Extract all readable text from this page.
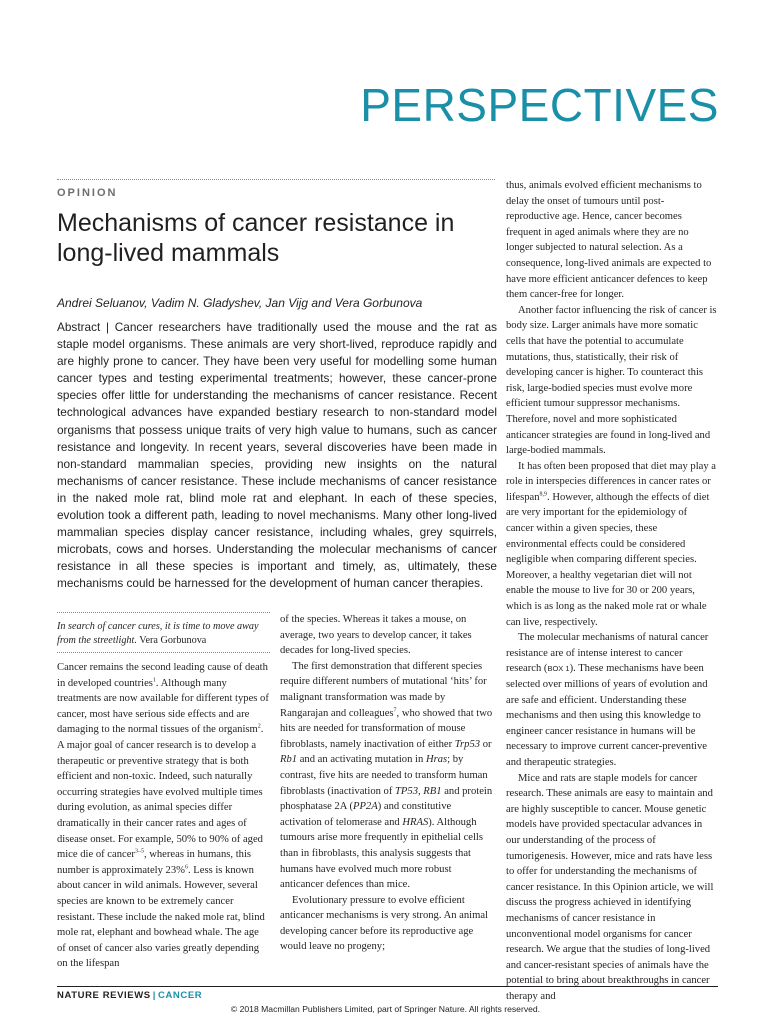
PERSPECTIVES
OPINION
Mechanisms of cancer resistance in long-lived mammals
Andrei Seluanov, Vadim N. Gladyshev, Jan Vijg and Vera Gorbunova

Abstract | Cancer researchers have traditionally used the mouse and the rat as staple model organisms. These animals are very short-lived, reproduce rapidly and are highly prone to cancer. They have been very useful for modelling some human cancer types and testing experimental treatments; however, these cancer-prone species offer little for understanding the mechanisms of cancer resistance. Recent technological advances have expanded bestiary research to non-standard model organisms that possess unique traits of very high value to humans, such as cancer resistance and longevity. In recent years, several discoveries have been made in non-standard mammalian species, providing new insights on the natural mechanisms of cancer resistance. These include mechanisms of cancer resistance in the naked mole rat, blind mole rat and elephant. In each of these species, evolution took a different path, leading to novel mechanisms. Many other long-lived mammalian species display cancer resistance, including whales, grey squirrels, microbats, cows and horses. Understanding the molecular mechanisms of cancer resistance in all these species is important and timely, as, ultimately, these mechanisms could be harnessed for the development of human cancer therapies.

In search of cancer cures, it is time to move away from the streetlight. Vera Gorbunova

Cancer remains the second leading cause of death in developed countries$^1$. Although many treatments are now available for different types of cancer, most have serious side effects and are damaging to the normal tissues of the organism$^2$. A major goal of cancer research is to develop a therapeutic or preventive strategy that is both efficient and non-toxic. Indeed, such naturally occurring strategies have evolved multiple times during evolution, as animal species differ dramatically in their cancer rates and ages of disease onset. For example, 50% to 90% of aged mice die of cancer$^{3-5}$, whereas in humans, this number is approximately 23%$^6$. Less is known about cancer in wild animals. However, several species are known to be extremely cancer resistant. These include the naked mole rat, blind mole rat, elephant and bowhead whale. The age of onset of cancer also varies greatly depending on the lifespan

of the species. Whereas it takes a mouse, on average, two years to develop cancer, it takes decades for long-lived species.

The first demonstration that different species require different numbers of mutational ‘hits’ for malignant transformation was made by Rangarajan and colleagues$^7$, who showed that two hits are needed for transformation of mouse fibroblasts, namely inactivation of either Trp53 or Rb1 and an activating mutation in Hras; by contrast, five hits are needed to transform human fibroblasts (inactivation of TP53, RB1 and protein phosphatase 2A (PP2A) and constitutive activation of telomerase and HRAS). Although tumours arise more frequently in epithelial cells than in fibroblasts, this analysis suggests that humans have evolved much more robust anticancer defences than mice.

Evolutionary pressure to evolve efficient anticancer mechanisms is very strong. An animal developing cancer before its reproductive age would leave no progeny;

thus, animals evolved efficient mechanisms to delay the onset of tumours until post-reproductive age. Hence, cancer becomes frequent in aged animals where they are no longer subjected to natural selection. As a consequence, long-lived animals are expected to have more efficient anticancer defences to keep them cancer-free for longer.

Another factor influencing the risk of cancer is body size. Larger animals have more somatic cells that have the potential to accumulate mutations, thus, statistically, their risk of developing cancer is higher. To counteract this risk, large-bodied species must evolve more efficient tumour suppressor mechanisms. Therefore, novel and more sophisticated anticancer strategies are found in long-lived and large-bodied mammals.

It has often been proposed that diet may play a role in interspecies differences in cancer rates or lifespan$^{8,9}$. However, although the effects of diet are very important for the epidemiology of cancer within a given species, these environmental effects could be considered negligible when comparing different species. Moreover, a healthy vegetarian diet will not enable the mouse to live for 30 or 200 years, which is as long as the naked mole rat or whale can live, respectively.

The molecular mechanisms of natural cancer resistance are of intense interest to cancer research (BOX 1). These mechanisms have been selected over millions of years of evolution and are safe and efficient. Understanding these mechanisms and then using this knowledge to engineer cancer resistance in humans will be necessary to improve current cancer-preventive and therapeutic strategies.

Mice and rats are staple models for cancer research. These animals are easy to maintain and are highly susceptible to cancer. Mouse genetic models have provided spectacular advances in our understanding of the process of tumorigenesis. However, mice and rats have less to offer for understanding the mechanisms of cancer resistance. In this Opinion article, we will discuss the progress achieved in identifying mechanisms of cancer resistance in unconventional model organisms for cancer research. We argue that the studies of long-lived and cancer-resistant species of animals have the potential to bring about breakthroughs in cancer therapy and

NATURE REVIEWS | CANCER
© 2018 Macmillan Publishers Limited, part of Springer Nature. All rights reserved.
